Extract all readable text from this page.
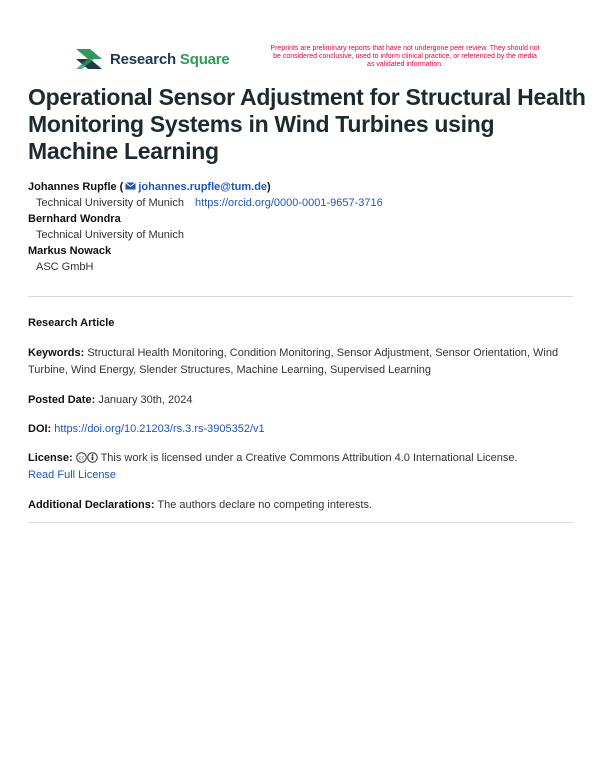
Research Square
Preprints are preliminary reports that have not undergone peer review. They should not be considered conclusive, used to inform clinical practice, or referenced by the media as validated information.
Operational Sensor Adjustment for Structural Health Monitoring Systems in Wind Turbines using Machine Learning
Johannes Rupfle ( johannes.rupfle@tum.de)
Technical University of Munich https://orcid.org/0000-0001-9657-3716
Bernhard Wondra
Technical University of Munich
Markus Nowack
ASC GmbH
Research Article
Keywords: Structural Health Monitoring, Condition Monitoring, Sensor Adjustment, Sensor Orientation, Wind Turbine, Wind Energy, Slender Structures, Machine Learning, Supervised Learning
Posted Date: January 30th, 2024
DOI: https://doi.org/10.21203/rs.3.rs-3905352/v1
License: cc This work is licensed under a Creative Commons Attribution 4.0 International License.
Read Full License
Additional Declarations: The authors declare no competing interests.
